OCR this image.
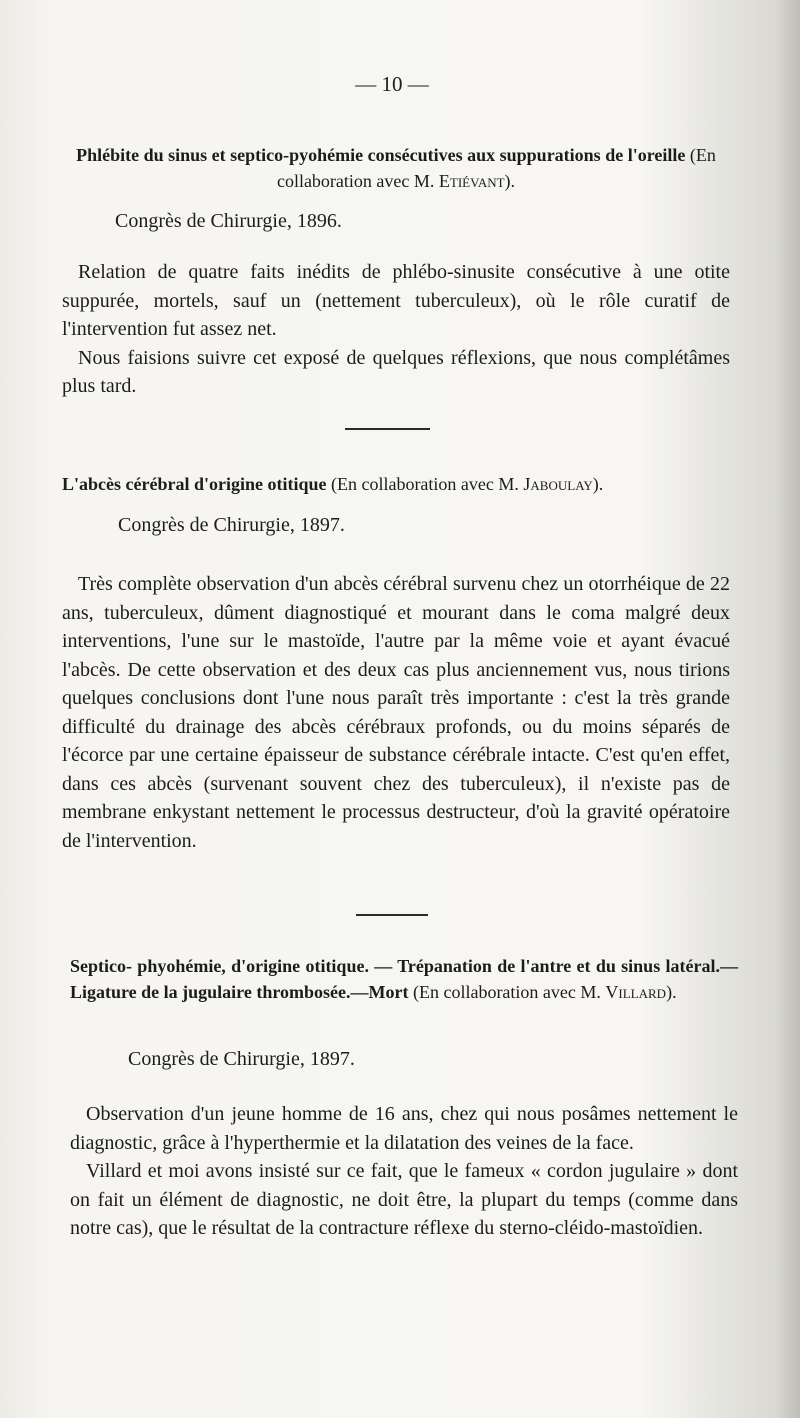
— 10 —
Phlébite du sinus et septico-pyohémie consécutives aux suppurations de l'oreille (En collaboration avec M. Etiévant).
Congrès de Chirurgie, 1896.

Relation de quatre faits inédits de phlébo-sinusite consécutive à une otite suppurée, mortels, sauf un (nettement tuberculeux), où le rôle curatif de l'intervention fut assez net.

Nous faisions suivre cet exposé de quelques réflexions, que nous complétâmes plus tard.

L'abcès cérébral d'origine otitique (En collaboration avec M. Jaboulay).
Congrès de Chirurgie, 1897.

Très complète observation d'un abcès cérébral survenu chez un otorrhéique de 22 ans, tuberculeux, dûment diagnostiqué et mourant dans le coma malgré deux interventions, l'une sur le mastoïde, l'autre par la même voie et ayant évacué l'abcès. De cette observation et des deux cas plus anciennement vus, nous tirions quelques conclusions dont l'une nous paraît très importante : c'est la très grande difficulté du drainage des abcès cérébraux profonds, ou du moins séparés de l'écorce par une certaine épaisseur de substance cérébrale intacte. C'est qu'en effet, dans ces abcès (survenant souvent chez des tuberculeux), il n'existe pas de membrane enkystant nettement le processus destructeur, d'où la gravité opératoire de l'intervention.

Septico- phyohémie, d'origine otitique. — Trépanation de l'antre et du sinus latéral.— Ligature de la jugulaire thrombosée.—Mort (En collaboration avec M. Villard).
Congrès de Chirurgie, 1897.

Observation d'un jeune homme de 16 ans, chez qui nous posâmes nettement le diagnostic, grâce à l'hyperthermie et la dilatation des veines de la face.

Villard et moi avons insisté sur ce fait, que le fameux « cordon jugulaire » dont on fait un élément de diagnostic, ne doit être, la plupart du temps (comme dans notre cas), que le résultat de la contracture réflexe du sterno-cléido-mastoïdien.
